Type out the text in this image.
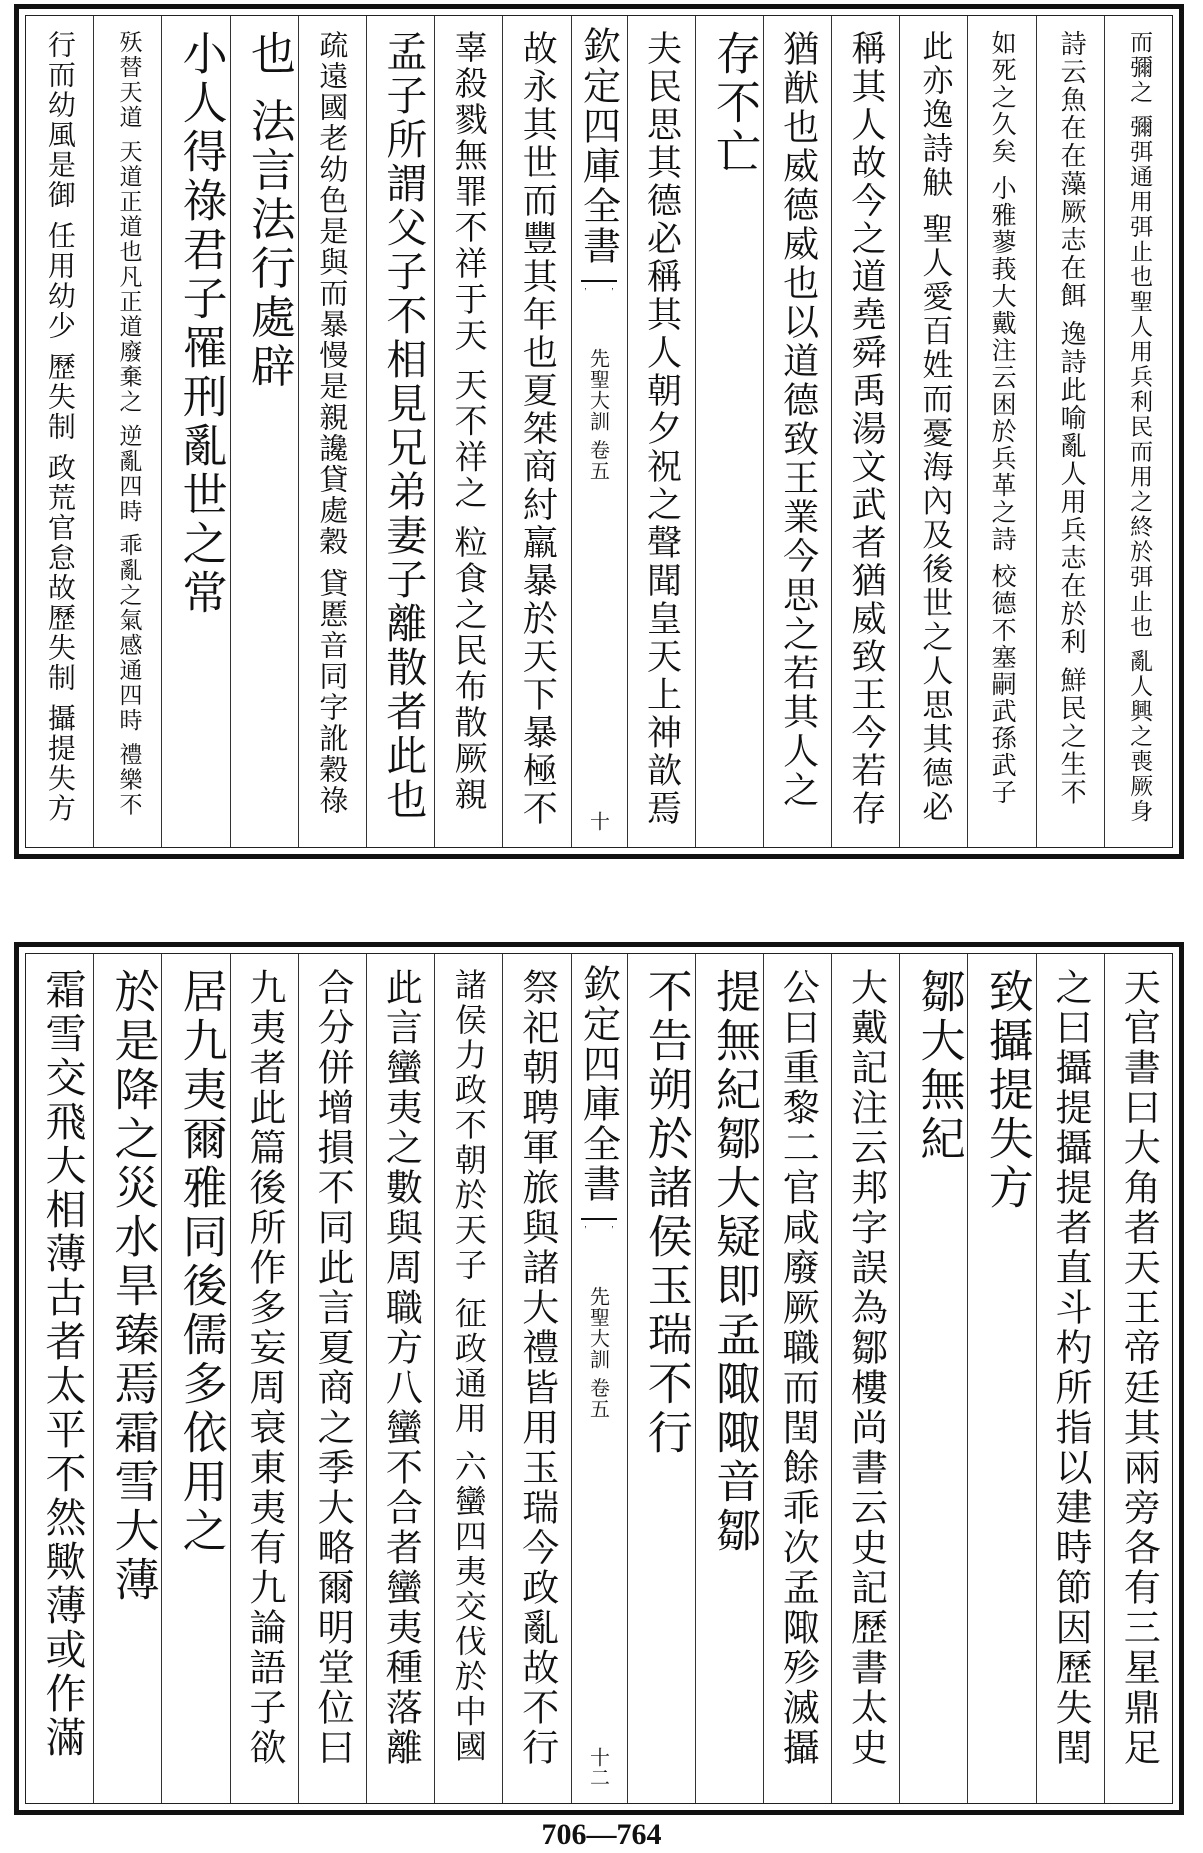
而彌之 彌弭通用弭止也聖人用兵利民而用之終於弭止也 亂人興之喪厥身
詩云魚在在藻厥志在餌 逸詩此喻亂人用兵志在於利 鮮民之生不
如死之久矣 小雅蓼莪大戴注云困於兵革之詩 校德不塞嗣武孫武子
此亦逸詩觖 聖人愛百姓而憂海內及後世之人思其德必
稱其人故今之道堯舜禹湯文武者猶威致王今若存
猶猷也威德威也以道德致王業今思之若其人之
存不亡
夫民思其德必稱其人朝夕祝之聲聞皇天上神歆焉
欽定四庫全書
先聖大訓 卷五
十
故永其世而豐其年也夏桀商紂羸暴於天下暴極不
辜殺戮無罪不祥于天 天不祥之 粒食之民布散厥親
孟子所謂父子不相見兄弟妻子離散者此也
疏遠國老幼色是與而暴慢是親讒貸處穀 貸慝音同字訛穀祿
也 法言法行處辟
小人得祿君子罹刑亂世之常
殀替天道 天道正道也凡正道廢棄之 逆亂四時 乖亂之氣感通四時 禮樂不
行而幼風是御 任用幼少 歷失制 政荒官怠故歷失制 攝提失方
天官書曰大角者天王帝廷其兩旁各有三星鼎足
之曰攝提攝提者直斗杓所指以建時節因歷失閏
致攝提失方
鄒大無紀
大戴記注云邦字誤為鄒樓尚書云史記歷書太史
公曰重黎二官咸廢厥職而閏餘乖次孟陬殄滅攝
提無紀鄒大疑即孟陬陬音鄒
不告朔於諸侯玉瑞不行
欽定四庫全書
先聖大訓 卷五
十二
祭祀朝聘軍旅與諸大禮皆用玉瑞今政亂故不行
諸侯力政不朝於天子 征政通用 六蠻四夷交伐於中國
此言蠻夷之數與周職方八蠻不合者蠻夷種落離
合分併增損不同此言夏商之季大略爾明堂位曰
九夷者此篇後所作多妄周衰東夷有九論語子欲
居九夷爾雅同後儒多依用之
於是降之災水旱臻焉霜雪大薄
霜雪交飛大相薄古者太平不然歟薄或作滿
706—764
